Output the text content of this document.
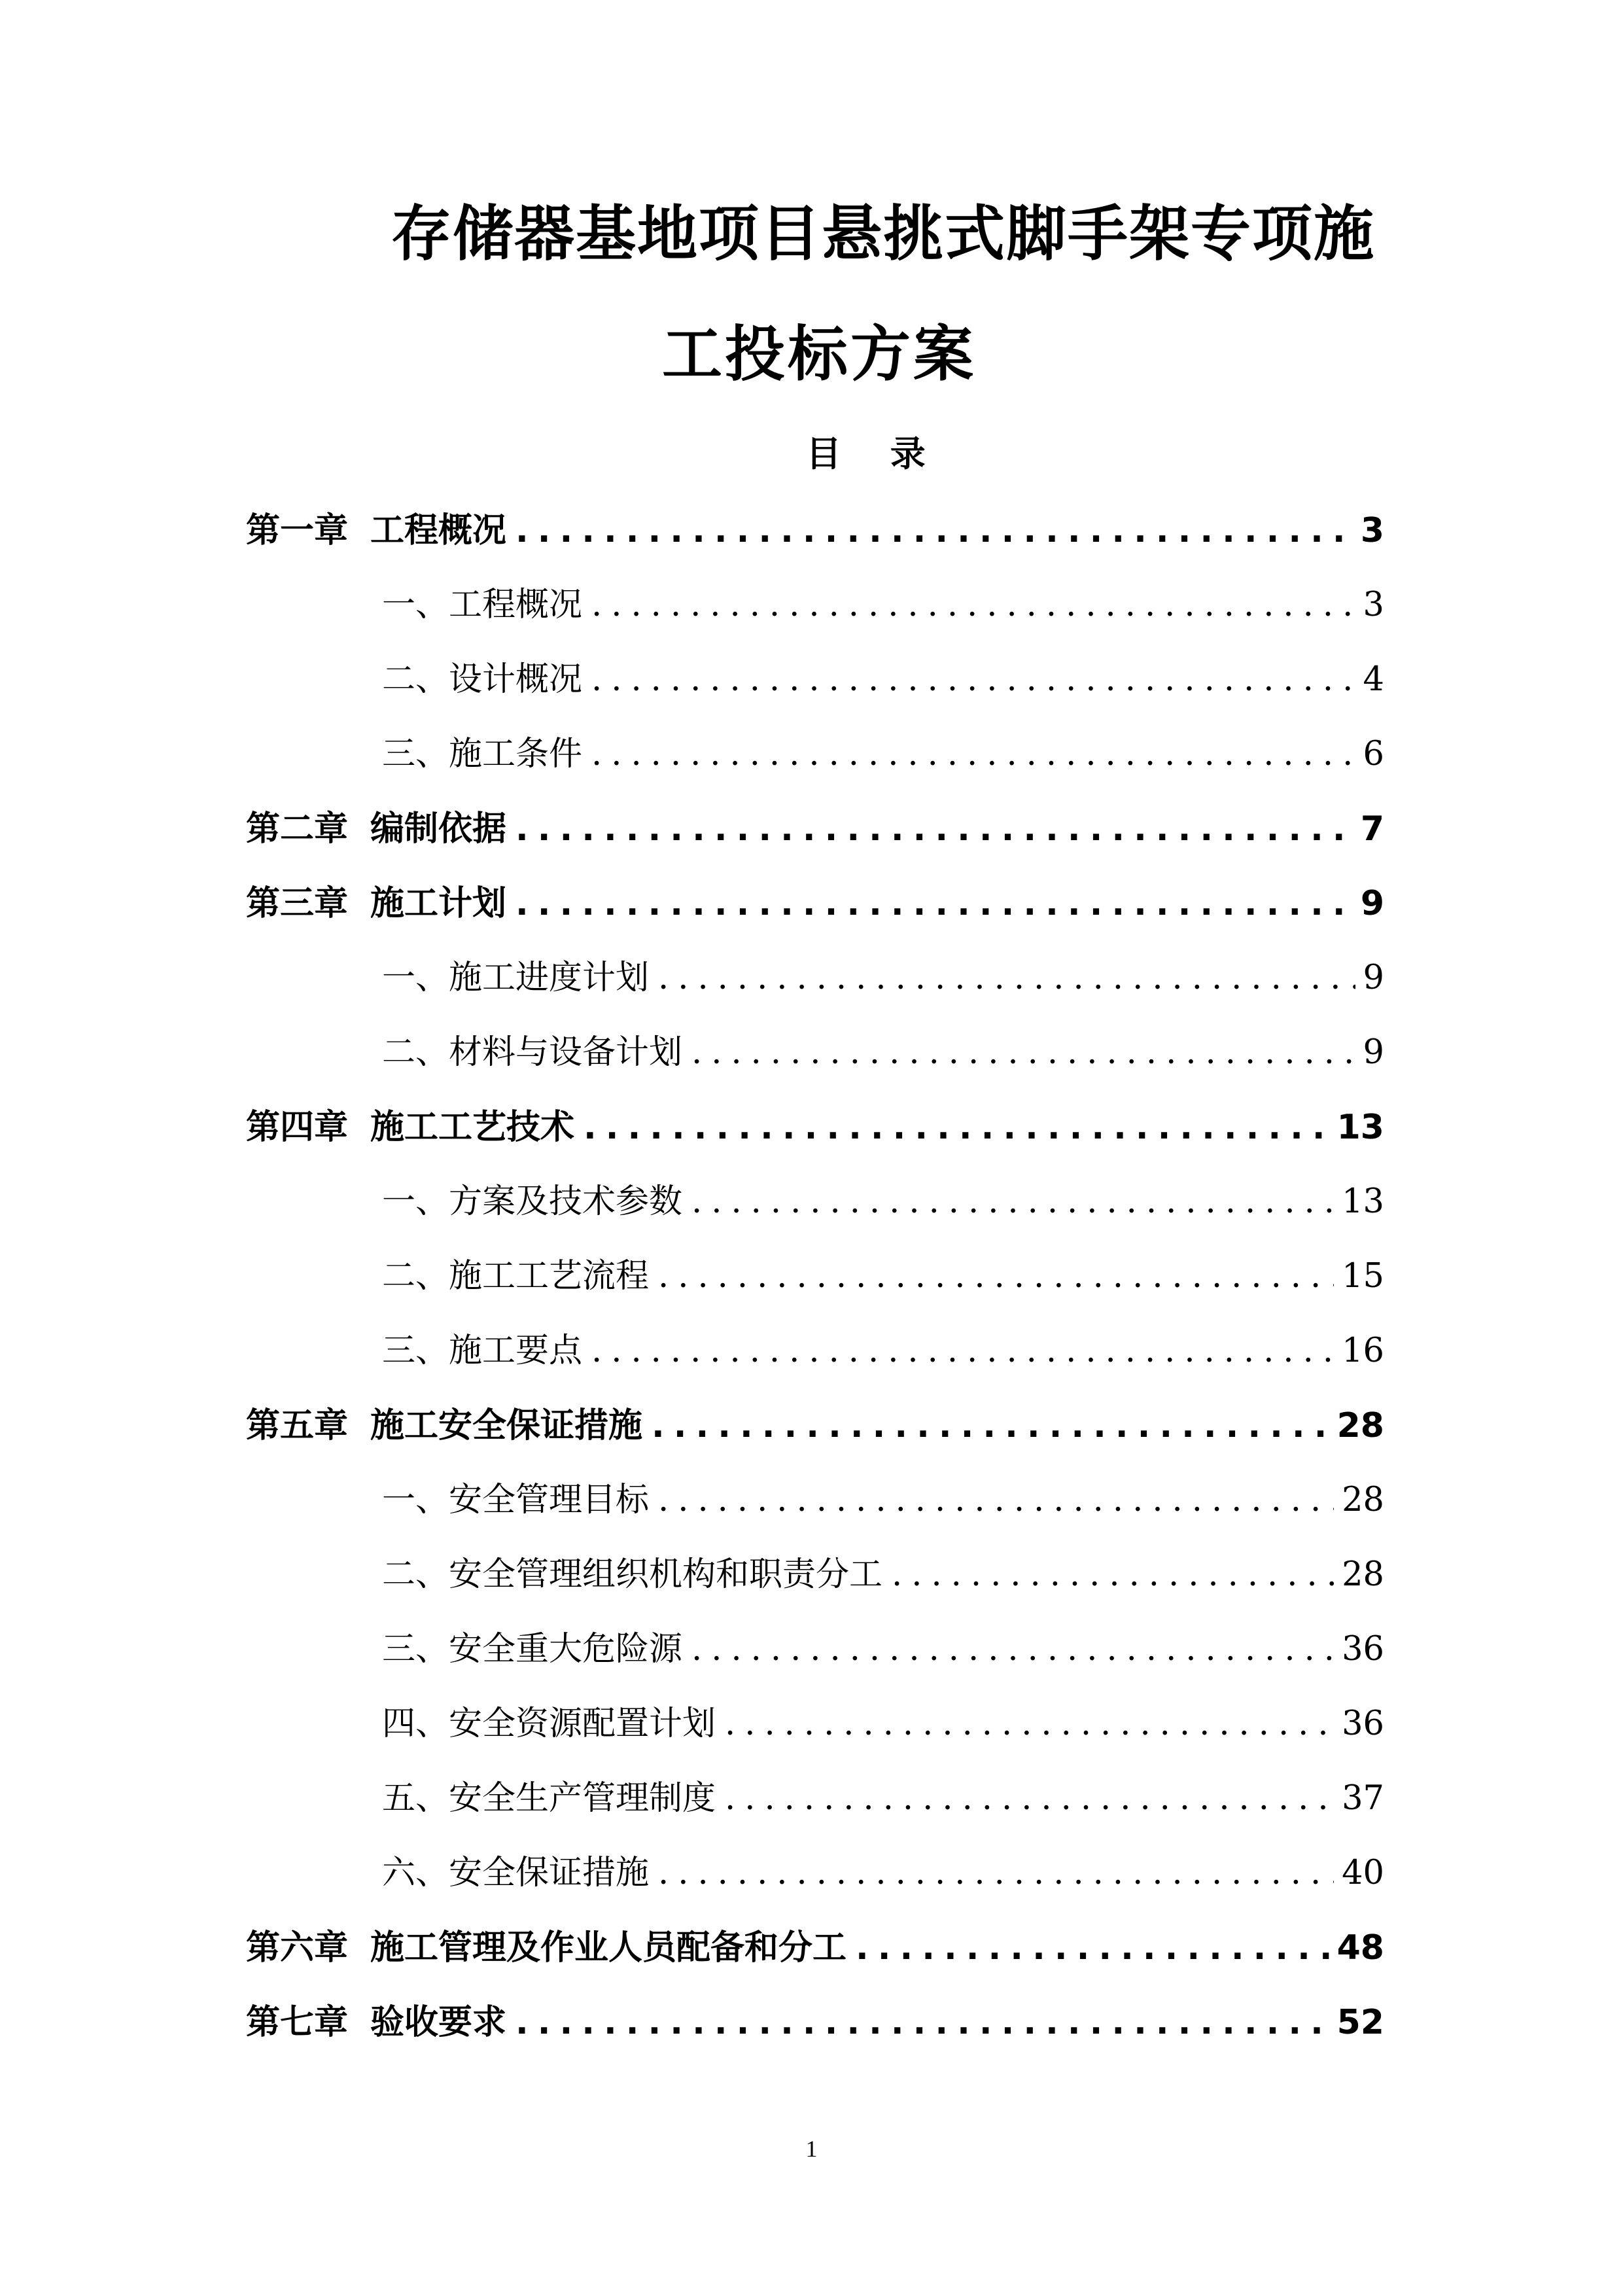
存储器基地项目悬挑式脚手架专项施
工投标方案
目 录
第一章 工程概况 .....	3
一、 工程概况 .....	3
二、 设计概况 .....	4
三、 施工条件 .....	6
第二章 编制依据 .....	7
第三章 施工计划 .....	9
一、 施工进度计划 .....	9
二、 材料与设备计划 .....	9
第四章 施工工艺技术 .....	13
一、 方案及技术参数 .....	13
二、 施工工艺流程 .....	15
三、 施工要点 .....	16
第五章 施工安全保证措施 .....	28
一、 安全管理目标 .....	28
二、 安全管理组织机构和职责分工 .....	28
三、 安全重大危险源 .....	36
四、 安全资源配置计划 .....	36
五、 安全生产管理制度 .....	37
六、 安全保证措施 .....	40
第六章 施工管理及作业人员配备和分工 .....	48
第七章 验收要求 .....	52
1
